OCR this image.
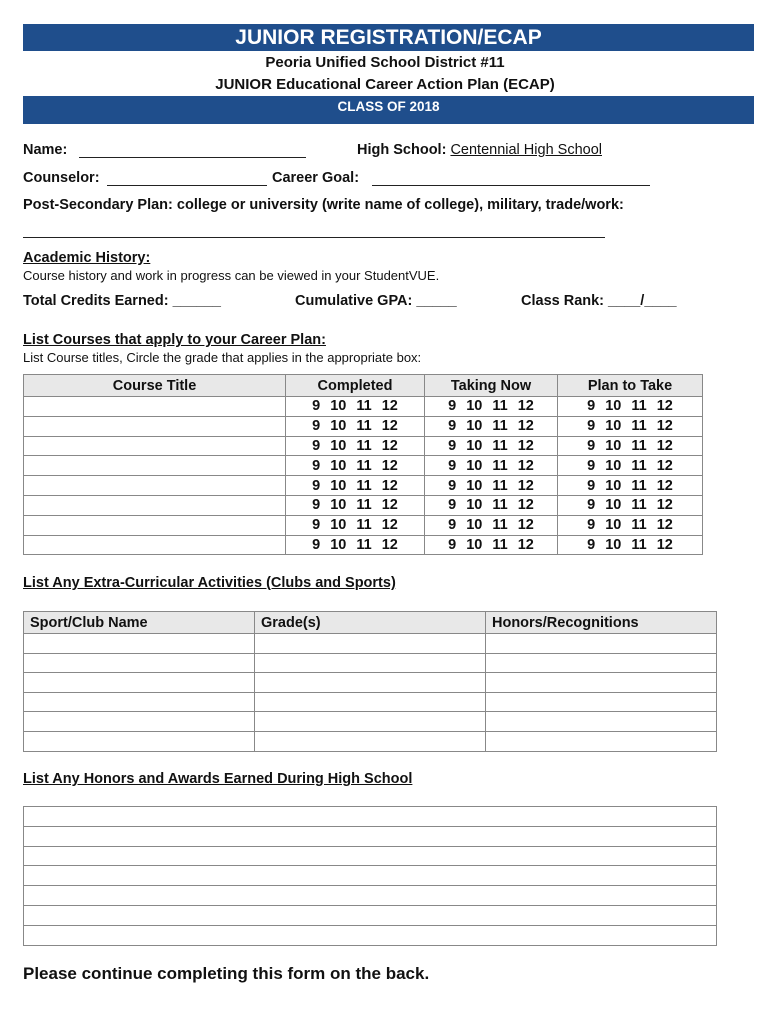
JUNIOR REGISTRATION/ECAP
Peoria Unified School District #11
JUNIOR Educational Career Action Plan (ECAP)
CLASS OF 2018
Name:	High School: Centennial High School
Counselor:	Career Goal:
Post-Secondary Plan: college or university (write name of college), military, trade/work:
Academic History:
Course history and work in progress can be viewed in your StudentVUE.
Total Credits Earned: ______	Cumulative GPA: _____	Class Rank: ____/____
List Courses that apply to your Career Plan:
List Course titles, Circle the grade that applies in the appropriate box:
Course Title	Completed	Taking Now	Plan to Take
	9 10 11 12	9 10 11 12	9 10 11 12
	9 10 11 12	9 10 11 12	9 10 11 12
	9 10 11 12	9 10 11 12	9 10 11 12
	9 10 11 12	9 10 11 12	9 10 11 12
	9 10 11 12	9 10 11 12	9 10 11 12
	9 10 11 12	9 10 11 12	9 10 11 12
	9 10 11 12	9 10 11 12	9 10 11 12
	9 10 11 12	9 10 11 12	9 10 11 12
List Any Extra-Curricular Activities (Clubs and Sports)
Sport/Club Name	Grade(s)	Honors/Recognitions

List Any Honors and Awards Earned During High School

Please continue completing this form on the back.
